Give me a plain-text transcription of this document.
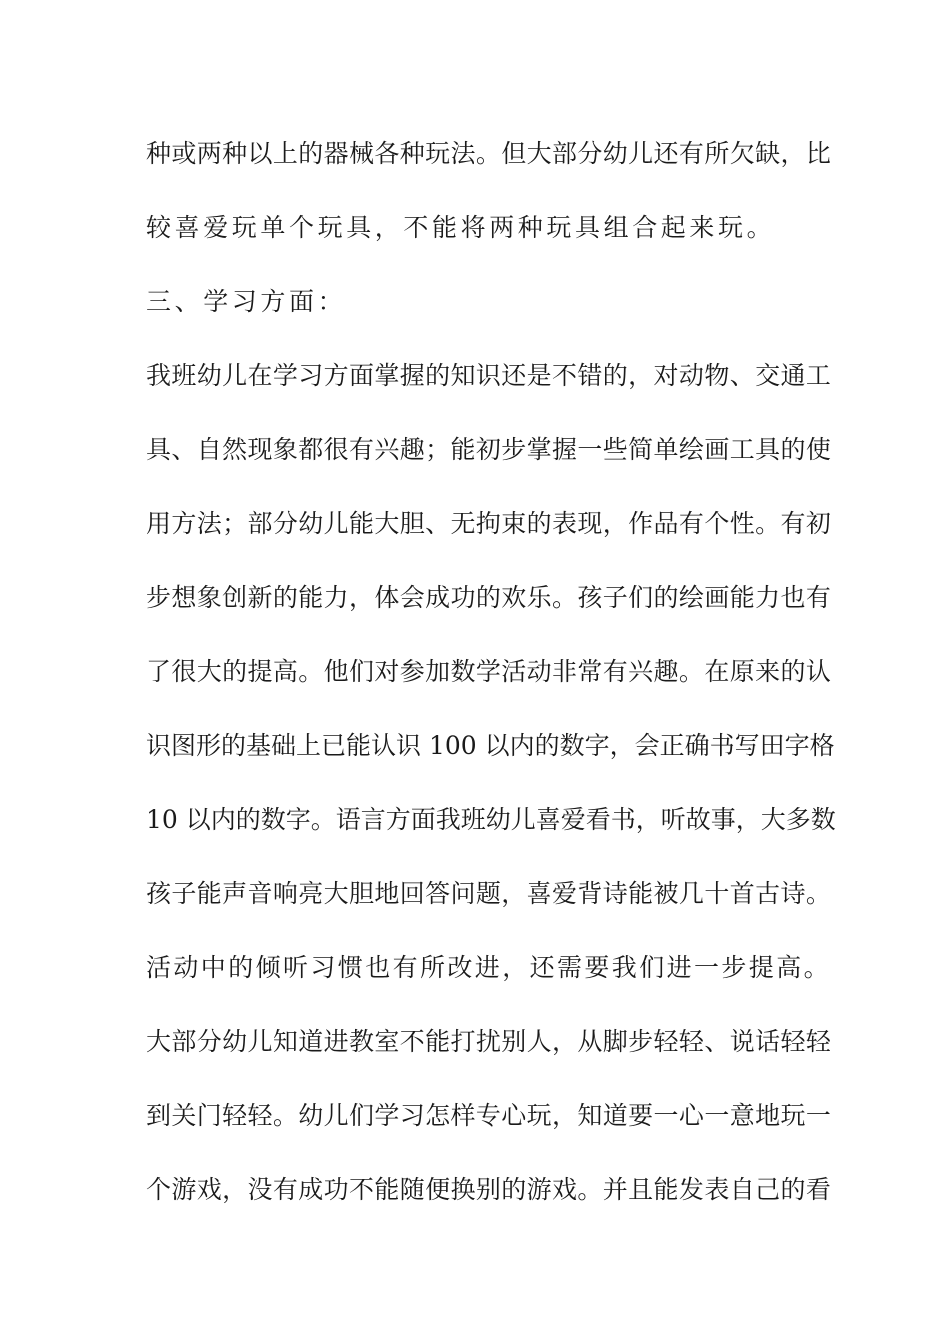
种或两种以上的器械各种玩法。但大部分幼儿还有所欠缺，比
较喜爱玩单个玩具，不能将两种玩具组合起来玩。
三、学习方面：
我班幼儿在学习方面掌握的知识还是不错的，对动物、交通工
具、自然现象都很有兴趣；能初步掌握一些简单绘画工具的使
用方法；部分幼儿能大胆、无拘束的表现，作品有个性。有初
步想象创新的能力，体会成功的欢乐。孩子们的绘画能力也有
了很大的提高。他们对参加数学活动非常有兴趣。在原来的认
识图形的基础上已能认识 100 以内的数字，会正确书写田字格
10 以内的数字。语言方面我班幼儿喜爱看书，听故事，大多数
孩子能声音响亮大胆地回答问题，喜爱背诗能被几十首古诗。
活动中的倾听习惯也有所改进，还需要我们进一步提高。
大部分幼儿知道进教室不能打扰别人，从脚步轻轻、说话轻轻
到关门轻轻。幼儿们学习怎样专心玩，知道要一心一意地玩一
个游戏，没有成功不能随便换别的游戏。并且能发表自己的看
